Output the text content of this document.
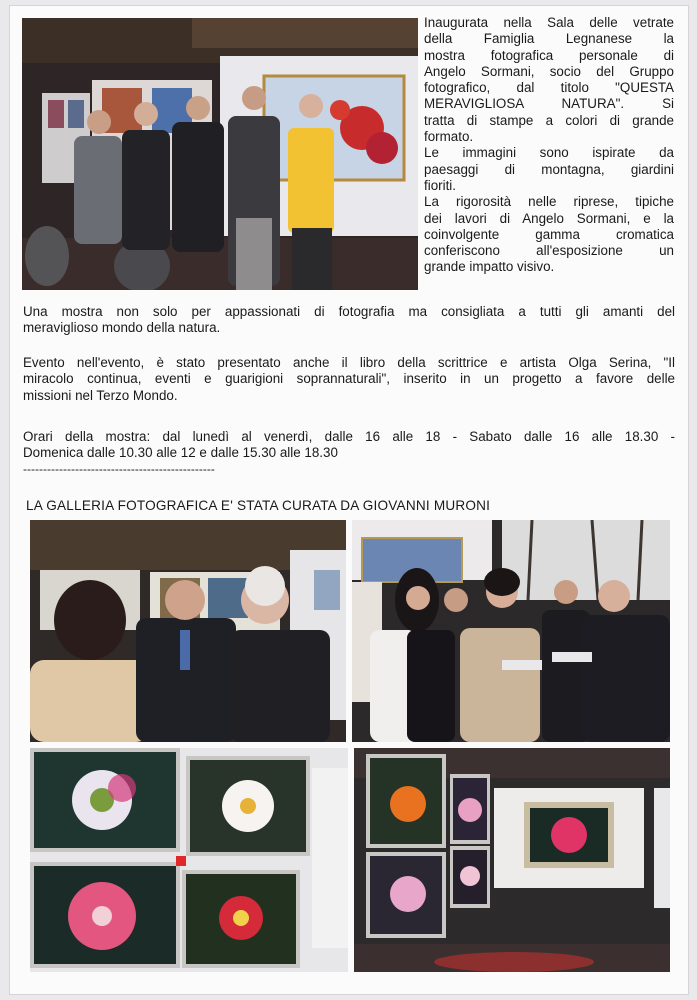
Inaugurata nella Sala delle vetrate
della Famiglia Legnanese la
mostra fotografica personale di
Angelo Sormani, socio del Gruppo
fotografico, dal titolo "QUESTA
MERAVIGLIOSA NATURA". Si
tratta di stampe a colori di grande
formato.
Le immagini sono ispirate da
paesaggi di montagna, giardini
fioriti.
La rigorosità nelle riprese, tipiche
dei lavori di Angelo Sormani, e la
coinvolgente gamma cromatica
conferiscono all'esposizione un
grande impatto visivo.
Una mostra non solo per appassionati di fotografia ma consigliata a tutti gli amanti del
meraviglioso mondo della natura.
Evento nell'evento, è stato presentato anche il libro della scrittrice e artista Olga Serina, "Il
miracolo continua, eventi e guarigioni soprannaturali", inserito in un progetto a favore delle
missioni nel Terzo Mondo.
Orari della mostra: dal lunedì al venerdì, dalle 16 alle 18 - Sabato dalle 16 alle 18.30 -
Domenica dalle 10.30 alle 12 e dalle 15.30 alle 18.30
------------------------------------------------
LA GALLERIA FOTOGRAFICA E' STATA CURATA DA GIOVANNI MURONI
